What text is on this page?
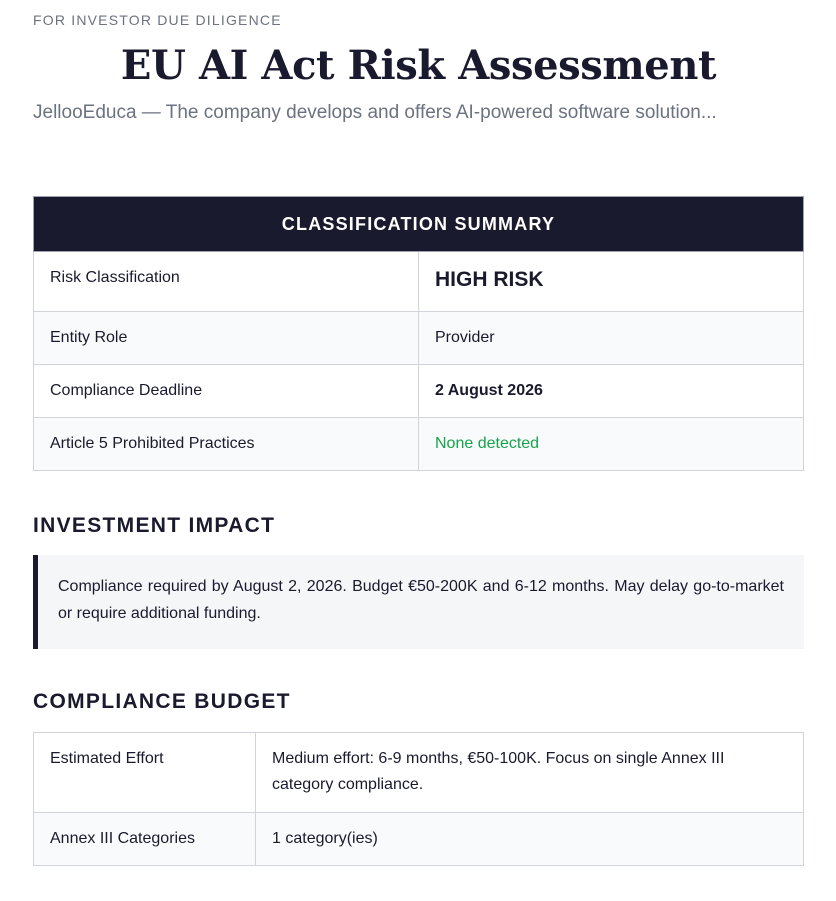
FOR INVESTOR DUE DILIGENCE
EU AI Act Risk Assessment
JellooEduca — The company develops and offers AI-powered software solution...
CLASSIFICATION SUMMARY	
Risk Classification	HIGH RISK
Entity Role	Provider
Compliance Deadline	2 August 2026
Article 5 Prohibited Practices	None detected
INVESTMENT IMPACT
Compliance required by August 2, 2026. Budget €50-200K and 6-12 months. May delay go-to-market or require additional funding.
COMPLIANCE BUDGET
Estimated Effort	Medium effort: 6-9 months, €50-100K. Focus on single Annex III category compliance.
Annex III Categories	1 category(ies)
